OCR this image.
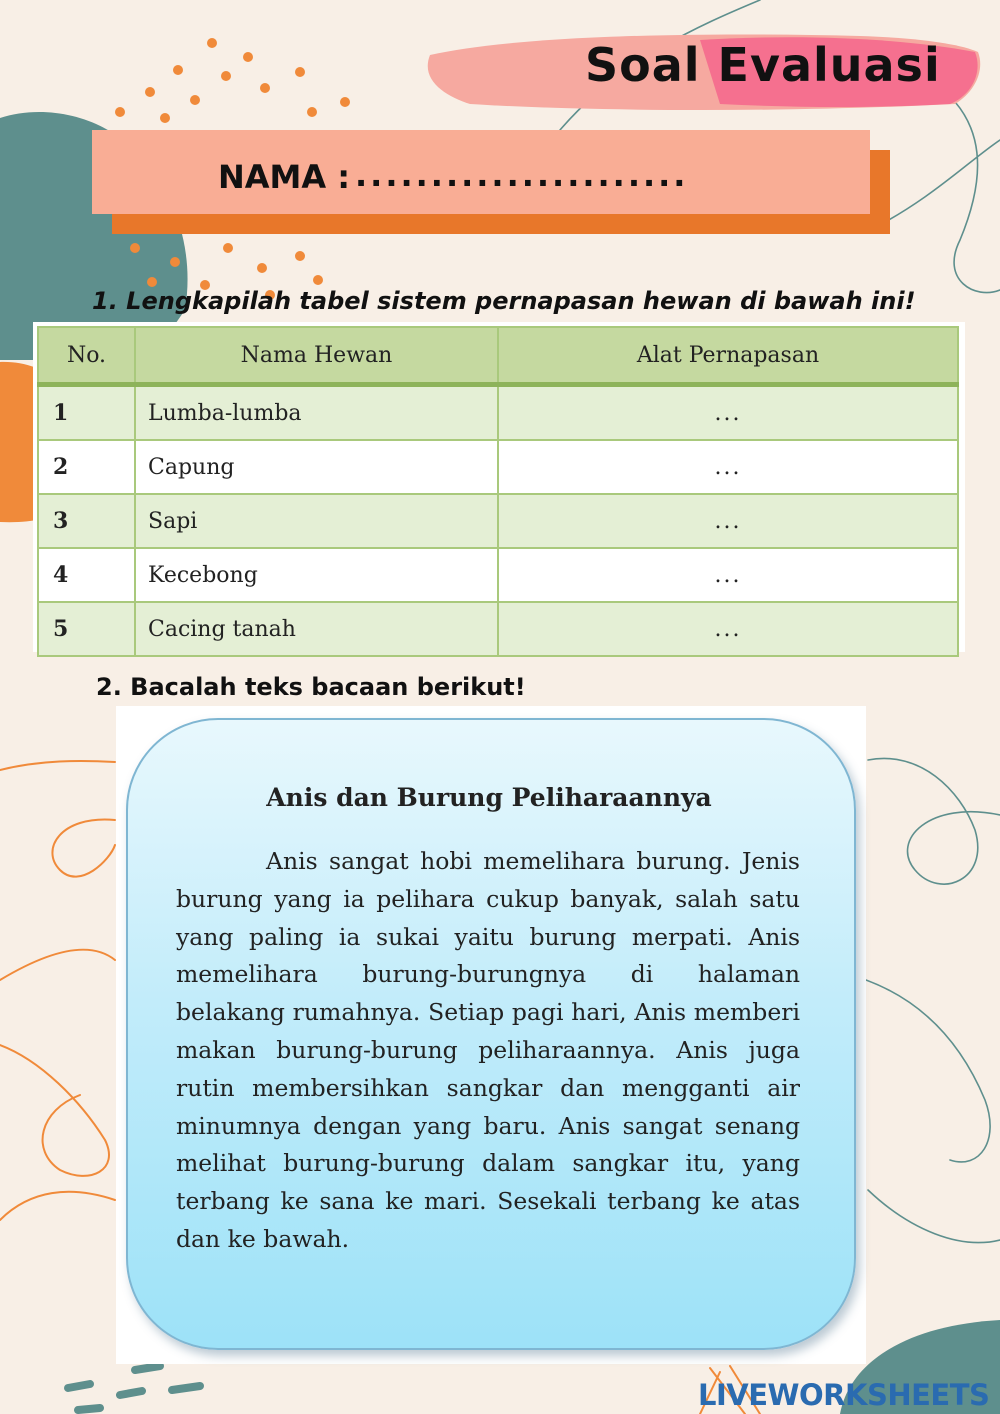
Soal Evaluasi
NAMA : ......................
1. Lengkapilah tabel sistem pernapasan hewan di bawah ini!
No.	Nama Hewan	Alat Pernapasan
1	Lumba-lumba	...
2	Capung	...
3	Sapi	...
4	Kecebong	...
5	Cacing tanah	...
2. Bacalah teks bacaan berikut!
Anis dan Burung Peliharaannya
Anis sangat hobi memelihara burung. Jenis burung yang ia pelihara cukup banyak, salah satu yang paling ia sukai yaitu burung merpati. Anis memelihara burung-burungnya di halaman belakang rumahnya. Setiap pagi hari, Anis memberi makan burung-burung peliharaannya. Anis juga rutin membersihkan sangkar dan mengganti air minumnya dengan yang baru. Anis sangat senang melihat burung-burung dalam sangkar itu, yang terbang ke sana ke mari. Sesekali terbang ke atas dan ke bawah.
LIVEWORKSHEETS
